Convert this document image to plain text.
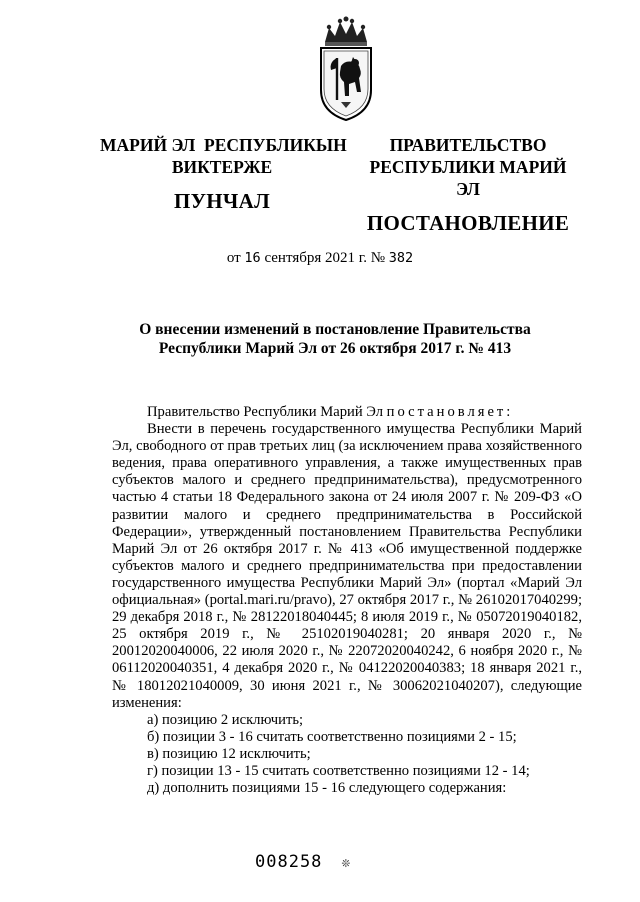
МАРИЙ ЭЛ  РЕСПУБЛИКЫН
ВИКТЕРЖЕ
ПУНЧАЛ
ПРАВИТЕЛЬСТВО
РЕСПУБЛИКИ МАРИЙ ЭЛ
ПОСТАНОВЛЕНИЕ
от 16 сентября 2021 г. № 382
О внесении изменений в постановление Правительства
Республики Марий Эл от 26 октября 2017 г. № 413

Правительство Республики Марий Эл постановляет:

Внести в перечень государственного имущества Республики Марий Эл, свободного от прав третьих лиц (за исключением права хозяйственного ведения, права оперативного управления, а также имущественных прав субъектов малого и среднего предпринимательства), предусмотренного частью 4 статьи 18 Федерального закона от 24 июля 2007 г. № 209-ФЗ «О развитии малого и среднего предпринимательства в Российской Федерации», утвержденный постановлением Правительства Республики Марий Эл от 26 октября 2017 г. № 413 «Об имущественной поддержке субъектов малого и среднего предпринимательства при предоставлении государственного имущества Республики Марий Эл» (портал «Марий Эл официальная» (portal.mari.ru/pravo), 27 октября 2017 г., № 26102017040299; 29 декабря 2018 г., № 28122018040445; 8 июля 2019 г., № 05072019040182, 25 октября 2019 г., № 25102019040281; 20 января 2020 г., № 20012020040006, 22 июля 2020 г., № 22072020040242, 6 ноября 2020 г., № 06112020040351, 4 декабря 2020 г., № 04122020040383; 18 января 2021 г., № 18012021040009, 30 июня 2021 г., № 30062021040207), следующие изменения:

а) позицию 2 исключить;

б) позиции 3 - 16 считать соответственно позициями 2 - 15;

в) позицию 12 исключить;

г) позиции 13 - 15 считать соответственно позициями 12 - 14;

д) дополнить позициями 15 - 16 следующего содержания:

008258 ❊
